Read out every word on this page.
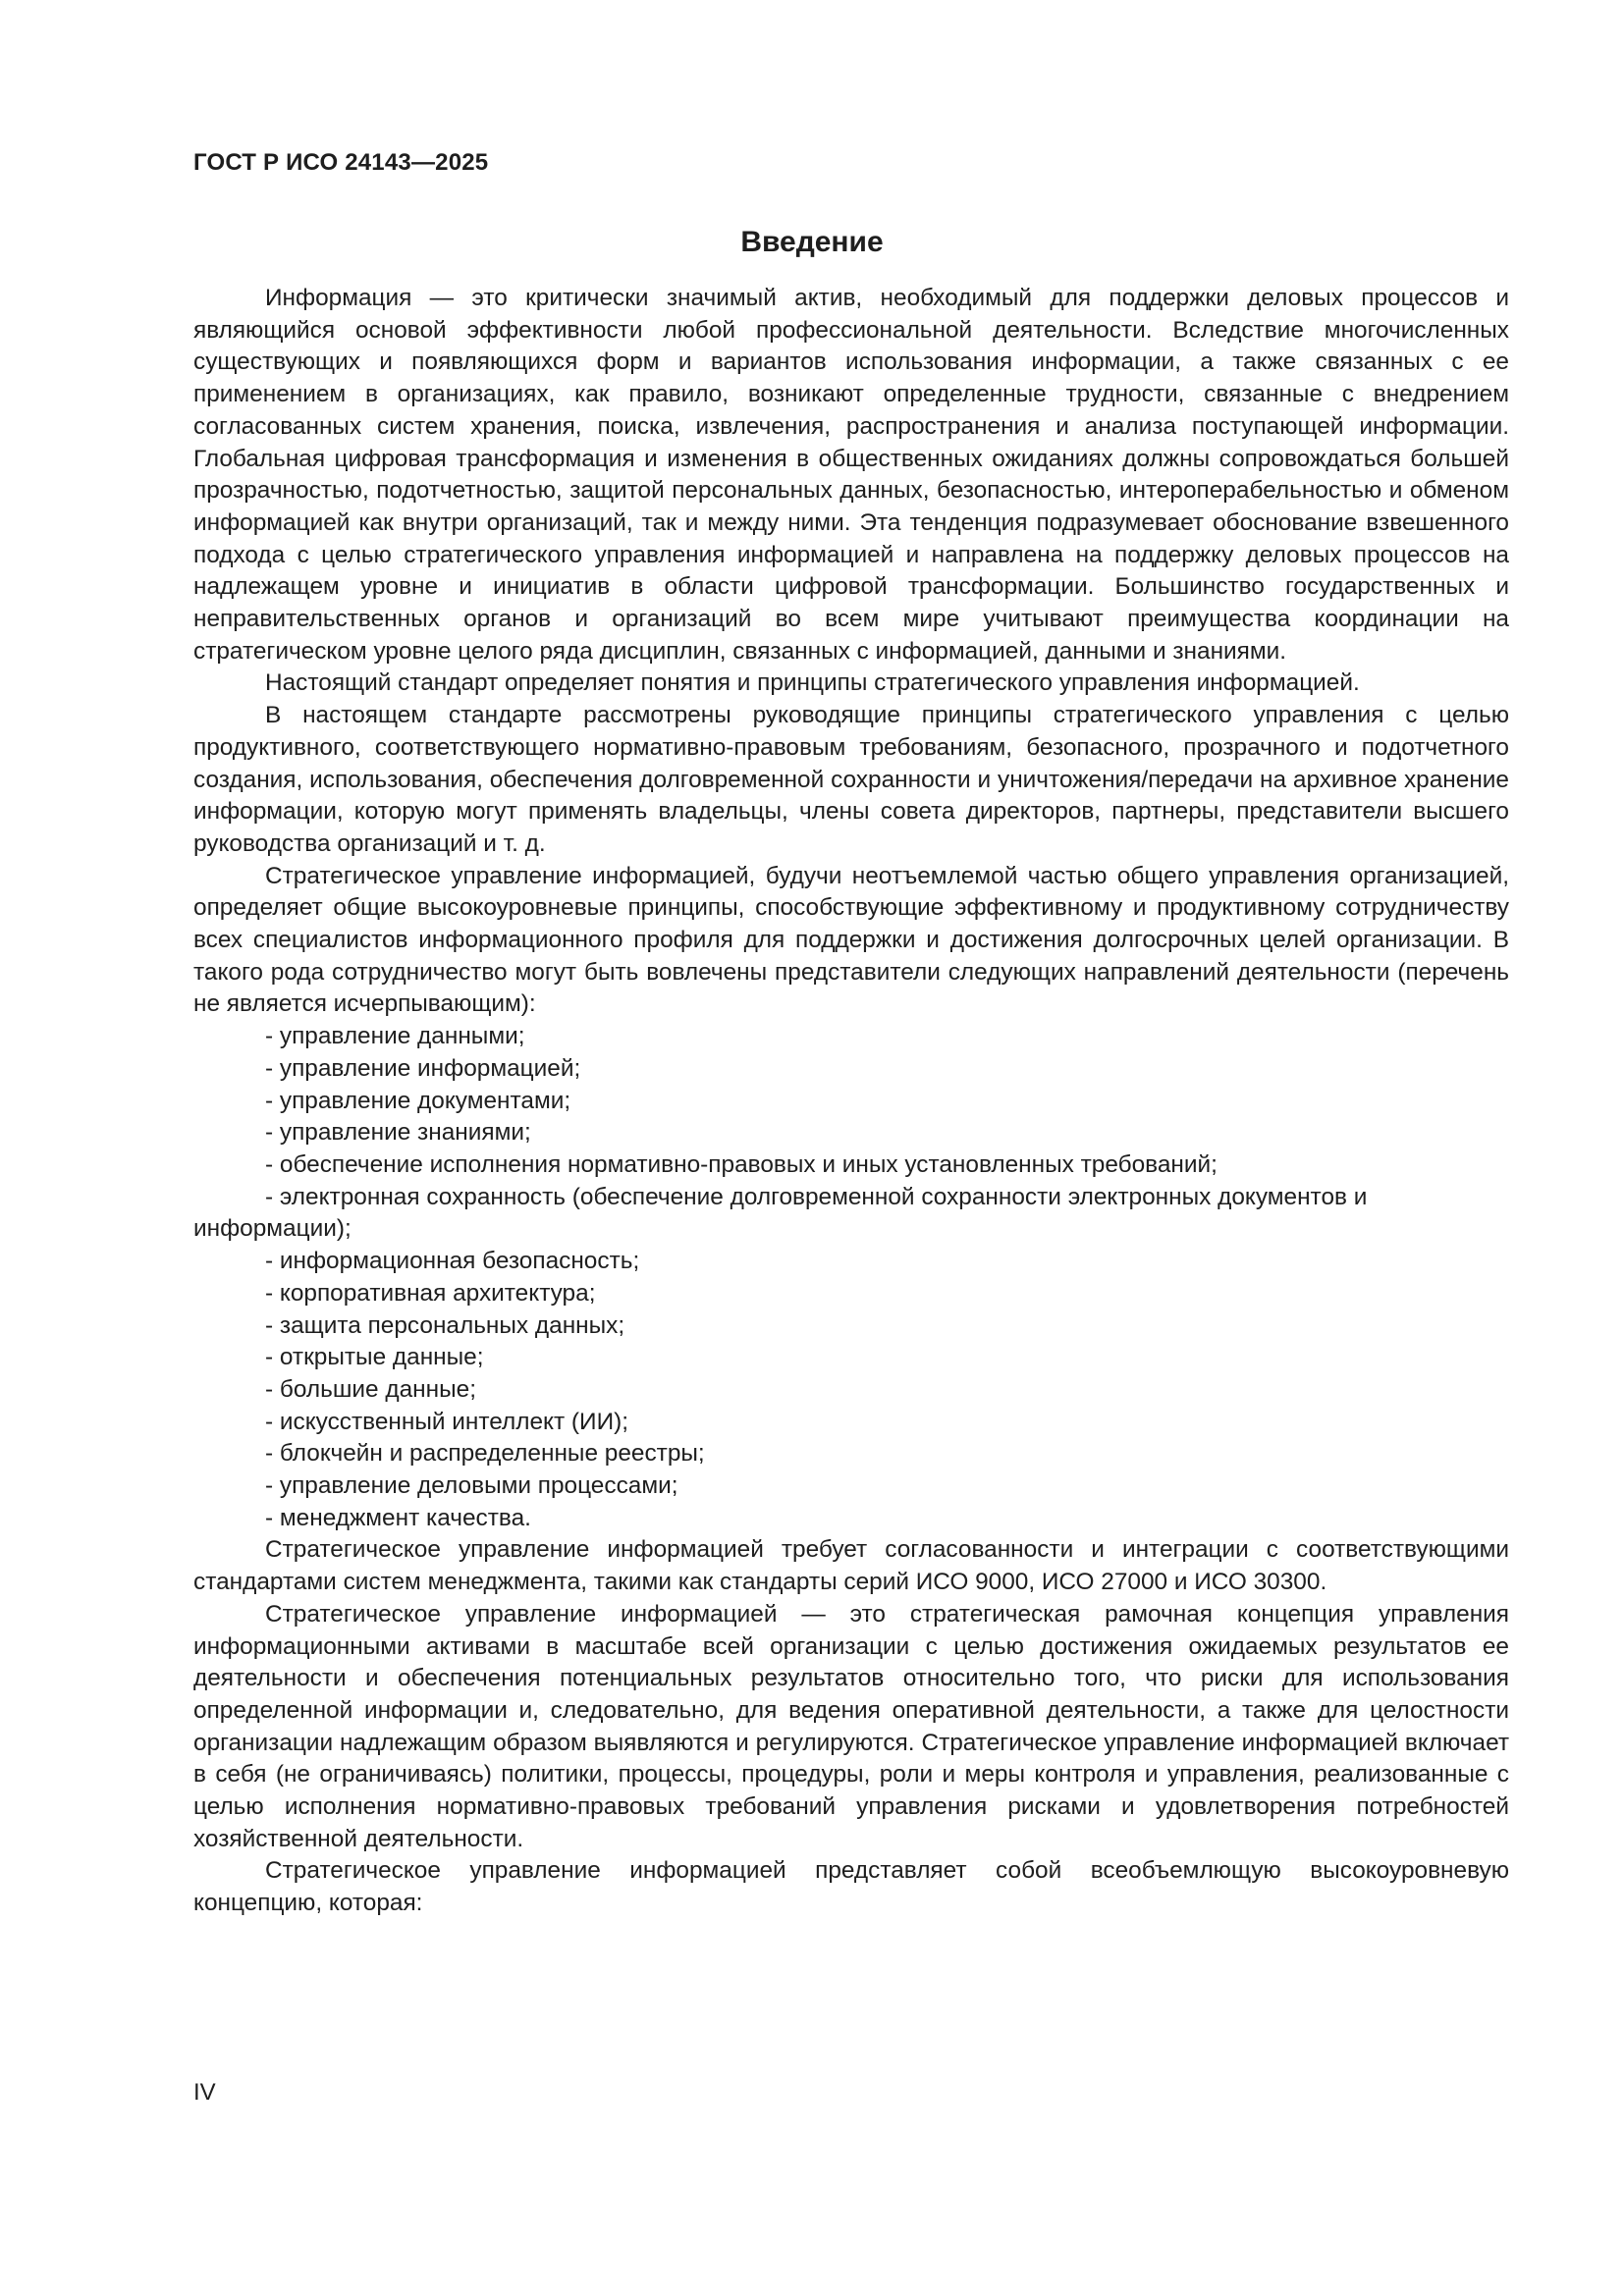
ГОСТ Р ИСО 24143—2025
Введение

Информация — это критически значимый актив, необходимый для поддержки деловых процессов и являющийся основой эффективности любой профессиональной деятельности. Вследствие многочисленных существующих и появляющихся форм и вариантов использования информации, а также связанных с ее применением в организациях, как правило, возникают определенные трудности, связанные с внедрением согласованных систем хранения, поиска, извлечения, распространения и анализа поступающей информации. Глобальная цифровая трансформация и изменения в общественных ожиданиях должны сопровождаться большей прозрачностью, подотчетностью, защитой персональных данных, безопасностью, интероперабельностью и обменом информацией как внутри организаций, так и между ними. Эта тенденция подразумевает обоснование взвешенного подхода с целью стратегического управления информацией и направлена на поддержку деловых процессов на надлежащем уровне и инициатив в области цифровой трансформации. Большинство государственных и неправительственных органов и организаций во всем мире учитывают преимущества координации на стратегическом уровне целого ряда дисциплин, связанных с информацией, данными и знаниями.

Настоящий стандарт определяет понятия и принципы стратегического управления информацией.

В настоящем стандарте рассмотрены руководящие принципы стратегического управления с целью продуктивного, соответствующего нормативно-правовым требованиям, безопасного, прозрачного и подотчетного создания, использования, обеспечения долговременной сохранности и уничтожения/передачи на архивное хранение информации, которую могут применять владельцы, члены совета директоров, партнеры, представители высшего руководства организаций и т. д.

Стратегическое управление информацией, будучи неотъемлемой частью общего управления организацией, определяет общие высокоуровневые принципы, способствующие эффективному и продуктивному сотрудничеству всех специалистов информационного профиля для поддержки и достижения долгосрочных целей организации. В такого рода сотрудничество могут быть вовлечены представители следующих направлений деятельности (перечень не является исчерпывающим):

- управление данными;
- управление информацией;
- управление документами;
- управление знаниями;
- обеспечение исполнения нормативно-правовых и иных установленных требований;
- электронная сохранность (обеспечение долговременной сохранности электронных документов и информации);
- информационная безопасность;
- корпоративная архитектура;
- защита персональных данных;
- открытые данные;
- большие данные;
- искусственный интеллект (ИИ);
- блокчейн и распределенные реестры;
- управление деловыми процессами;
- менеджмент качества.

Стратегическое управление информацией требует согласованности и интеграции с соответствующими стандартами систем менеджмента, такими как стандарты серий ИСО 9000, ИСО 27000 и ИСО 30300.

Стратегическое управление информацией — это стратегическая рамочная концепция управления информационными активами в масштабе всей организации с целью достижения ожидаемых результатов ее деятельности и обеспечения потенциальных результатов относительно того, что риски для использования определенной информации и, следовательно, для ведения оперативной деятельности, а также для целостности организации надлежащим образом выявляются и регулируются. Стратегическое управление информацией включает в себя (не ограничиваясь) политики, процессы, процедуры, роли и меры контроля и управления, реализованные с целью исполнения нормативно-правовых требований управления рисками и удовлетворения потребностей хозяйственной деятельности.

Стратегическое управление информацией представляет собой всеобъемлющую высокоуровневую концепцию, которая:

IV
